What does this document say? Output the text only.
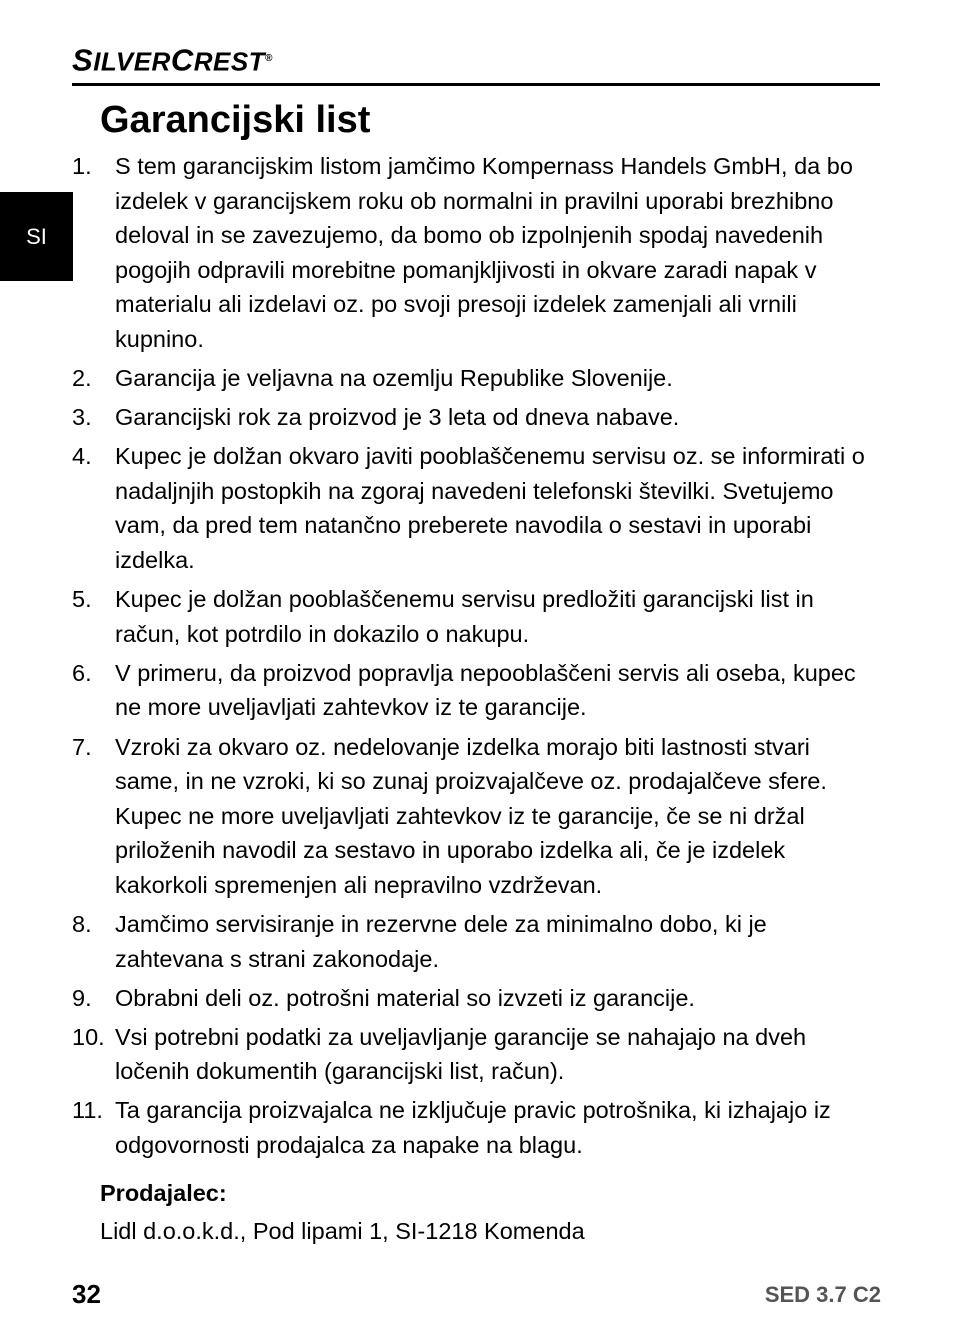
SILVERCREST®
Garancijski list
SI
1. S tem garancijskim listom jamčimo Kompernass Handels GmbH, da bo izdelek v garancijskem roku ob normalni in pravilni uporabi brezhibno deloval in se zavezujemo, da bomo ob izpolnjenih spodaj navedenih pogojih odpravili morebitne pomanjkljivosti in okvare zaradi napak v materialu ali izdelavi oz. po svoji presoji izdelek zamenjali ali vrnili kupnino.
2. Garancija je veljavna na ozemlju Republike Slovenije.
3. Garancijski rok za proizvod je 3 leta od dneva nabave.
4. Kupec je dolžan okvaro javiti pooblaščenemu servisu oz. se informirati o nadaljnjih postopkih na zgoraj navedeni telefonski številki. Svetujemo vam, da pred tem natančno preberete navodila o sestavi in uporabi izdelka.
5. Kupec je dolžan pooblaščenemu servisu predložiti garancijski list in račun, kot potrdilo in dokazilo o nakupu.
6. V primeru, da proizvod popravlja nepooblaščeni servis ali oseba, kupec ne more uveljavljati zahtevkov iz te garancije.
7. Vzroki za okvaro oz. nedelovanje izdelka morajo biti lastnosti stvari same, in ne vzroki, ki so zunaj proizvajalčeve oz. prodajalčeve sfere. Kupec ne more uveljavljati zahtevkov iz te garancije, če se ni držal priloženih navodil za sestavo in uporabo izdelka ali, če je izdelek kakorkoli spremenjen ali nepravilno vzdrževan.
8. Jamčimo servisiranje in rezervne dele za minimalno dobo, ki je zahtevana s strani zakonodaje.
9. Obrabni deli oz. potrošni material so izvzeti iz garancije.
10. Vsi potrebni podatki za uveljavljanje garancije se nahajajo na dveh ločenih dokumentih (garancijski list, račun).
11. Ta garancija proizvajalca ne izključuje pravic potrošnika, ki izhajajo iz odgovornosti prodajalca za napake na blagu.
Prodajalec:
Lidl d.o.o.k.d., Pod lipami 1, SI-1218 Komenda
32	SED 3.7 C2
